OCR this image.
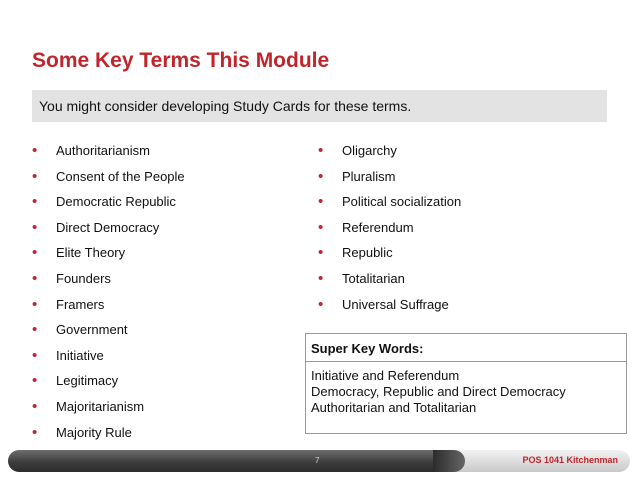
Some Key Terms This Module
You might consider developing Study Cards for these terms.
• Authoritarianism
• Consent of the People
• Democratic Republic
• Direct Democracy
• Elite Theory
• Founders
• Framers
• Government
• Initiative
• Legitimacy
• Majoritarianism
• Majority Rule
• Oligarchy
• Pluralism
• Political socialization
• Referendum
• Republic
• Totalitarian
• Universal Suffrage
Super Key Words:
Initiative and Referendum
Democracy, Republic and Direct Democracy
Authoritarian and Totalitarian
7	POS 1041 Kitchenman
